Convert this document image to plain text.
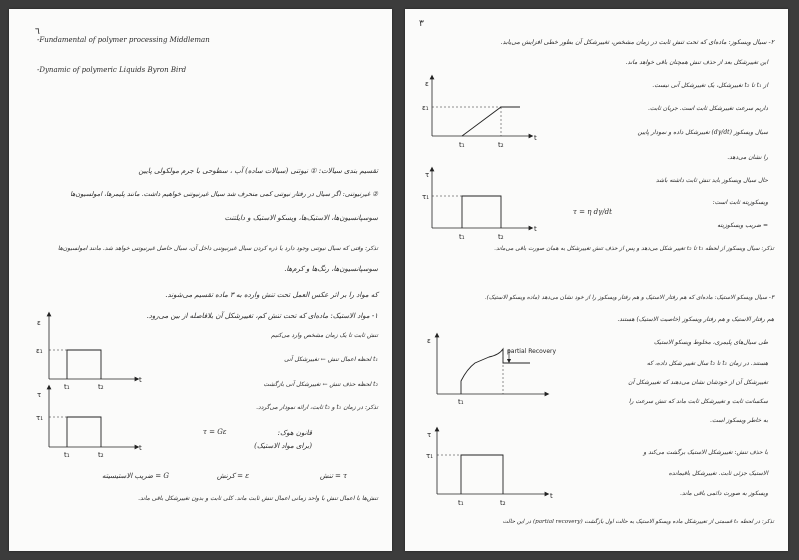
٦
-Fundamental of polymer processing Middleman
-Dynamic of polymeric Liquids Byron Bird
تقسیم بندی سیالات: ① نیوتنی (سیالات ساده) آب ، سطوحی با جرم مولکولی پایین
② غیرنیوتنی: اگر سیال در رفتار نیوتنی کمی منحرف شد سیال غیرنیوتنی خواهیم داشت. مانند پلیمرها، امولسیون‌ها
سوسپانسیون‌ها، الاستیک‌ها، ویسکو الاستیک و دایلتنت
تذکر: وقتی که سیال نیوتنی وجود دارد یا ذره کردن سیال غیرنیوتنی داخل آن، سیال حاصل غیرنیوتنی خواهد شد. مانند امولسیون‌ها
سوسپانسیون‌ها، رنگ‌ها و کرم‌ها.
که مواد را بر اثر عکس العمل تحت تنش وارده به ۳ ماده تقسیم می‌شوند.
۱- مواد الاستیک: ماده‌ای که تحت تنش کم، تغییرشکل آن بلافاصله از بین می‌رود.
تنش ثابت تا یک زمان مشخص وارد می‌کنیم
t₁ لحظه اعمال تنش ← تغییرشکل آنی
t₂ لحظه حذف تنش ← تغییرشکل آنی بازگشت
تذکر: در زمان t₁ و t₂ ثابت، ارائه نمودار می‌گردد.
قانون هوک:
(برای مواد الاستیک)
τ = Gε
τ = تنش
ε = کرنش
G = ضریب الاستیسیته
تنش‌ها با اعمال تنش با واحد زمانی اعمال تنش ثابت ماند. کلی ثابت و بدون تغییرشکل باقی ماند.
ε
t
ε₁
t₁	t₂
τ
t
τ₁
t₁	t₂
٣
۲- سیال ویسکوز: ماده‌ای که تحت تنش ثابت در زمان مشخص، تغییرشکل آن بطور خطی افزایش می‌یابد.
این تغییرشکل بعد از حذف تنش همچنان باقی خواهد ماند.
از t₁ تا t₂ تغییرشکل، یک تغییرشکل آنی نیست.
داریم سرعت تغییرشکل ثابت است. جریان ثابت.
سیال ویسکوز (dγ/dt) تغییرشکل داده و نمودار پایین
را نشان می‌دهد.
حال سیال ویسکوز باید تنش ثابت داشته باشد
ویسکوزیته ثابت است:
τ = η dγ/dt
= ضریب ویسکوزیته
تذکر: سیال ویسکوز از لحظه t₁ تا t₂ تغییر شکل می‌دهد و پس از حذف تنش تغییرشکل به همان صورت باقی می‌ماند.
۳- سیال ویسکو الاستیک: ماده‌ای که هم رفتار الاستیک و هم رفتار ویسکوز را از خود نشان می‌دهد (ماده ویسکو الاستیک).
هم رفتار الاستیک و هم رفتار ویسکوز (خاصیت الاستیک) هستند.
طی سیال‌های پلیمری، مخلوط ویسکو الاستیک
هستند. در زمان t₁ تا t₂ سال تغییر شکل داده، که
تغییرشکل آن از خودشان نشان می‌دهند که تغییرشکل آن
سکسانت ثابت و تغییرشکل ثابت ماند که تنش سرعت را
به خاطر ویسکوز است.
با حذف تنش: تغییرشکل الاستیک برگشت می‌کند و
الاستیک جزئی ثابت. تغییرشکل باقیمانده
ویسکوز به صورت دائمی باقی ماند.
تذکر: در لحظه t₂ قسمتی از تغییرشکل ماده ویسکو الاستیک به حالت اول بازگشت (partial recovery) در این حالت
ε
t
ε₁
t₁	t₂
τ
t
τ₁
t₁	t₂
ε
partial Recovery
t₁
τ
t
τ₁
t₁	t₂
